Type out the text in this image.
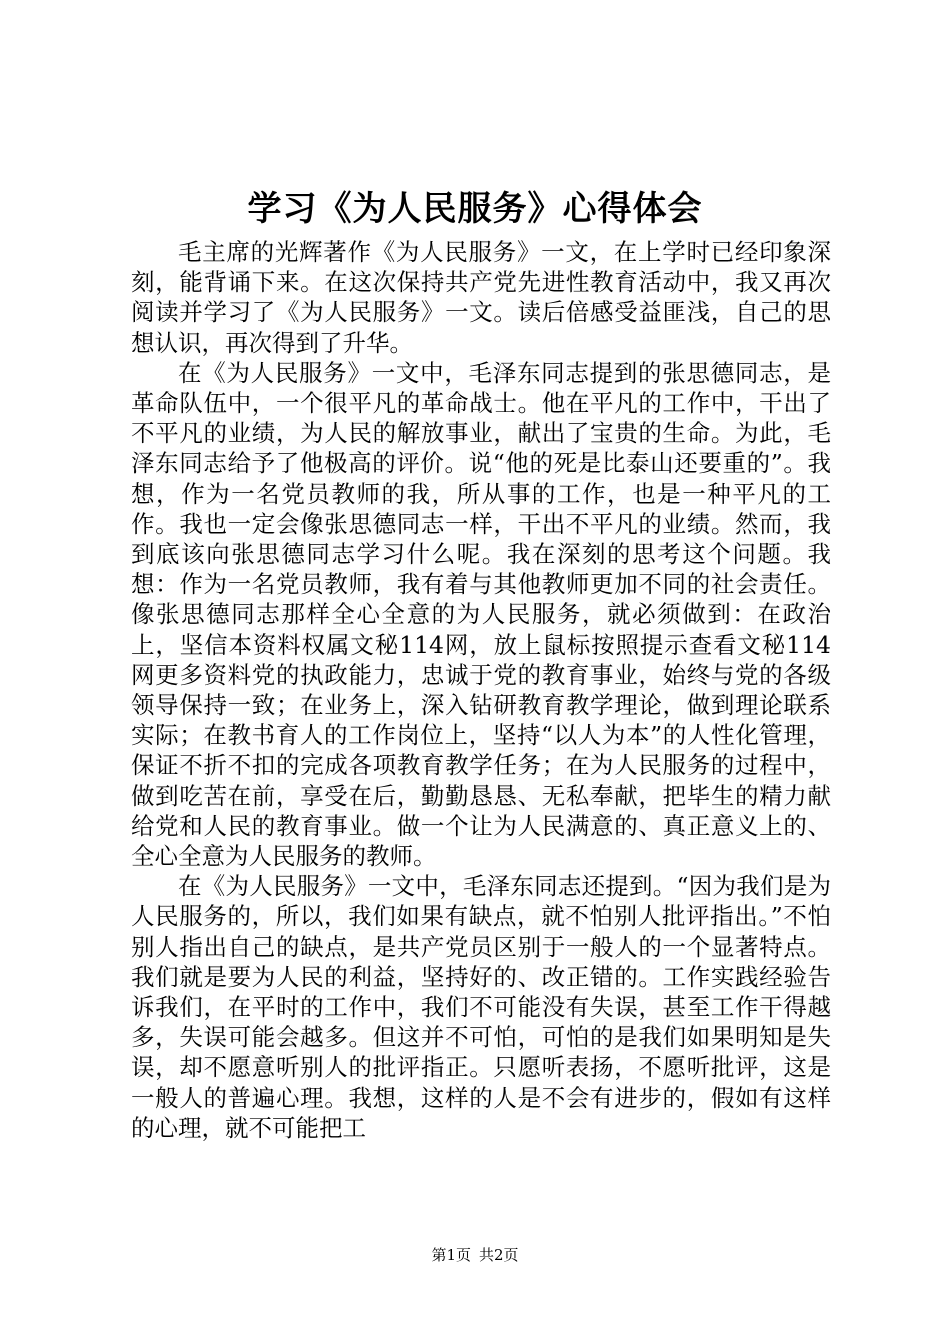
学习《为人民服务》心得体会

毛主席的光辉著作《为人民服务》一文，在上学时已经印象深刻，能背诵下来。在这次保持共产党先进性教育活动中，我又再次阅读并学习了《为人民服务》一文。读后倍感受益匪浅，自己的思想认识，再次得到了升华。

在《为人民服务》一文中，毛泽东同志提到的张思德同志，是革命队伍中，一个很平凡的革命战士。他在平凡的工作中，干出了不平凡的业绩，为人民的解放事业，献出了宝贵的生命。为此，毛泽东同志给予了他极高的评价。说“他的死是比泰山还要重的”。我想，作为一名党员教师的我，所从事的工作，也是一种平凡的工作。我也一定会像张思德同志一样，干出不平凡的业绩。然而，我到底该向张思德同志学习什么呢。我在深刻的思考这个问题。我想：作为一名党员教师，我有着与其他教师更加不同的社会责任。像张思德同志那样全心全意的为人民服务，就必须做到：在政治上，坚信本资料权属文秘114网，放上鼠标按照提示查看文秘114网更多资料党的执政能力，忠诚于党的教育事业，始终与党的各级领导保持一致；在业务上，深入钻研教育教学理论，做到理论联系实际；在教书育人的工作岗位上，坚持“以人为本”的人性化管理，保证不折不扣的完成各项教育教学任务；在为人民服务的过程中，做到吃苦在前，享受在后，勤勤恳恳、无私奉献，把毕生的精力献给党和人民的教育事业。做一个让为人民满意的、真正意义上的、全心全意为人民服务的教师。

在《为人民服务》一文中，毛泽东同志还提到。“因为我们是为人民服务的，所以，我们如果有缺点，就不怕别人批评指出。”不怕别人指出自己的缺点，是共产党员区别于一般人的一个显著特点。我们就是要为人民的利益，坚持好的、改正错的。工作实践经验告诉我们，在平时的工作中，我们不可能没有失误，甚至工作干得越多，失误可能会越多。但这并不可怕，可怕的是我们如果明知是失误，却不愿意听别人的批评指正。只愿听表扬，不愿听批评，这是一般人的普遍心理。我想，这样的人是不会有进步的，假如有这样的心理，就不可能把工

第1页 共2页
